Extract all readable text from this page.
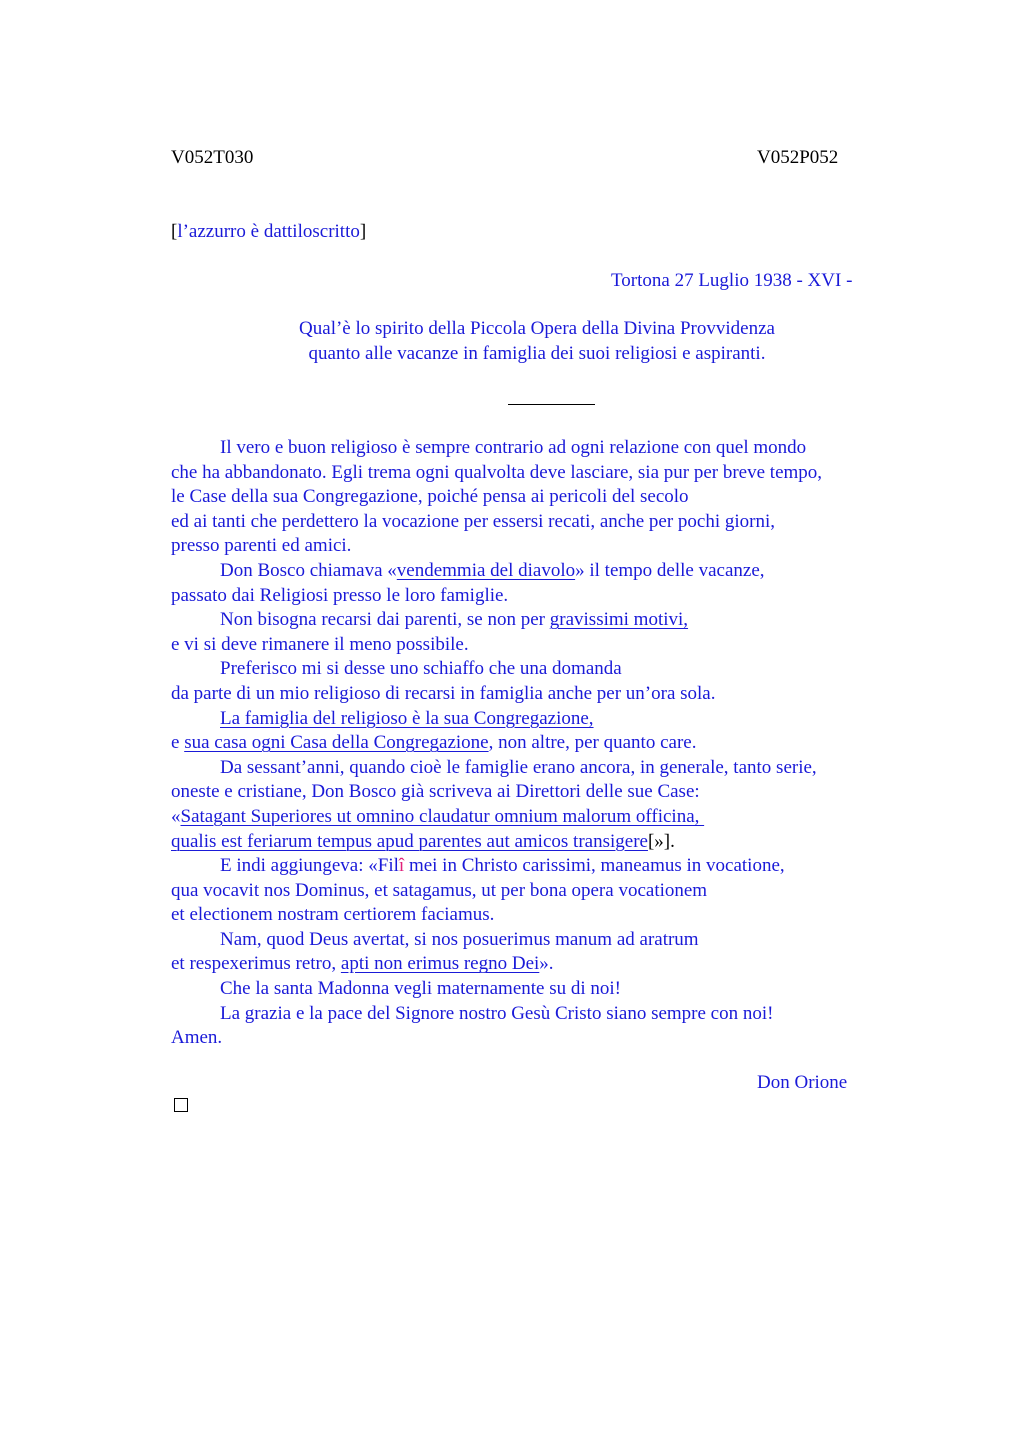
V052T030	V052P052
[l’azzurro è dattiloscritto]
Tortona 27 Luglio 1938 - XVI -
Qual’è lo spirito della Piccola Opera della Divina Provvidenza
quanto alle vacanze in famiglia dei suoi religiosi e aspiranti.
Il vero e buon religioso è sempre contrario ad ogni relazione con quel mondo
che ha abbandonato. Egli trema ogni qualvolta deve lasciare, sia pur per breve tempo,
le Case della sua Congregazione, poiché pensa ai pericoli del secolo
ed ai tanti che perdettero la vocazione per essersi recati, anche per pochi giorni,
presso parenti ed amici.
Don Bosco chiamava «vendemmia del diavolo» il tempo delle vacanze,
passato dai Religiosi presso le loro famiglie.
Non bisogna recarsi dai parenti, se non per gravissimi motivi,
e vi si deve rimanere il meno possibile.
Preferisco mi si desse uno schiaffo che una domanda
da parte di un mio religioso di recarsi in famiglia anche per un’ora sola.
La famiglia del religioso è la sua Congregazione,
e sua casa ogni Casa della Congregazione, non altre, per quanto care.
Da sessant’anni, quando cioè le famiglie erano ancora, in generale, tanto serie,
oneste e cristiane, Don Bosco già scriveva ai Direttori delle sue Case:
«Satagant Superiores ut omnino claudatur omnium malorum officina,
qualis est feriarum tempus apud parentes aut amicos transigere[»].
E indi aggiungeva: «Filî mei in Christo carissimi, maneamus in vocatione,
qua vocavit nos Dominus, et satagamus, ut per bona opera vocationem
et electionem nostram certiorem faciamus.
Nam, quod Deus avertat, si nos posuerimus manum ad aratrum
et respexerimus retro, apti non erimus regno Dei».
Che la santa Madonna vegli maternamente su di noi!
La grazia e la pace del Signore nostro Gesù Cristo siano sempre con noi!
Amen.
Don Orione
